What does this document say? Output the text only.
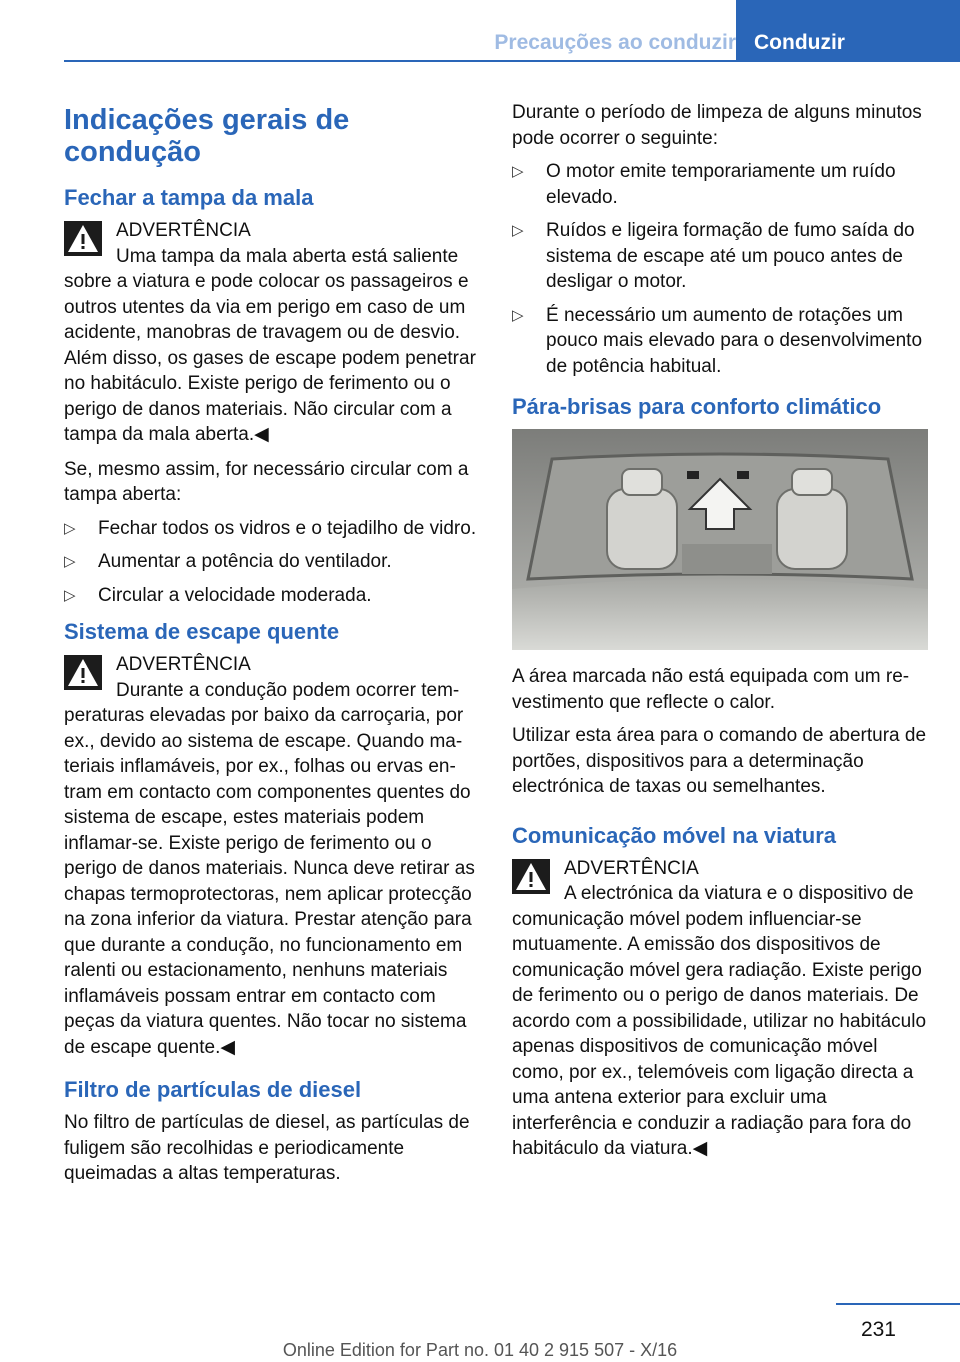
Precauções ao conduzir Conduzir
Indicações gerais de condução
Fechar a tampa da mala
ADVERTÊNCIA
Uma tampa da mala aberta está saliente sobre a viatura e pode colocar os passageiros e outros utentes da via em perigo em caso de um acidente, manobras de travagem ou de desvio. Além disso, os gases de escape podem penetrar no habitáculo. Existe perigo de ferimento ou o perigo de danos materiais. Não circular com a tampa da mala aberta.◀

Se, mesmo assim, for necessário circular com a tampa aberta:

▷ Fechar todos os vidros e o tejadilho de vidro.
▷ Aumentar a potência do ventilador.
▷ Circular a velocidade moderada.
Sistema de escape quente
ADVERTÊNCIA
Durante a condução podem ocorrer temperaturas elevadas por baixo da carroçaria, por ex., devido ao sistema de escape. Quando materiais inflamáveis, por ex., folhas ou ervas entram em contacto com componentes quentes do sistema de escape, estes materiais podem inflamar-se. Existe perigo de ferimento ou o perigo de danos materiais. Nunca deve retirar as chapas termoprotectoras, nem aplicar protecção na zona inferior da viatura. Prestar atenção para que durante a condução, no funcionamento em ralenti ou estacionamento, nenhuns materiais inflamáveis possam entrar em contacto com peças da viatura quentes. Não tocar no sistema de escape quente.◀
Filtro de partículas de diesel

No filtro de partículas de diesel, as partículas de fuligem são recolhidas e periodicamente queimadas a altas temperaturas.

Durante o período de limpeza de alguns minutos pode ocorrer o seguinte:

▷ O motor emite temporariamente um ruído elevado.
▷ Ruídos e ligeira formação de fumo saída do sistema de escape até um pouco antes de desligar o motor.
▷ É necessário um aumento de rotações um pouco mais elevado para o desenvolvimento de potência habitual.
Pára-brisas para conforto climático

A área marcada não está equipada com um revestimento que reflecte o calor.

Utilizar esta área para o comando de abertura de portões, dispositivos para a determinação electrónica de taxas ou semelhantes.

Comunicação móvel na viatura
ADVERTÊNCIA
A electrónica da viatura e o dispositivo de comunicação móvel podem influenciar-se mutuamente. A emissão dos dispositivos de comunicação móvel gera radiação. Existe perigo de ferimento ou o perigo de danos materiais. De acordo com a possibilidade, utilizar no habitáculo apenas dispositivos de comunicação móvel como, por ex., telemóveis com ligação directa a uma antena exterior para excluir uma interferência e conduzir a radiação para fora do habitáculo da viatura.◀
231
Online Edition for Part no. 01 40 2 915 507 - X/16
